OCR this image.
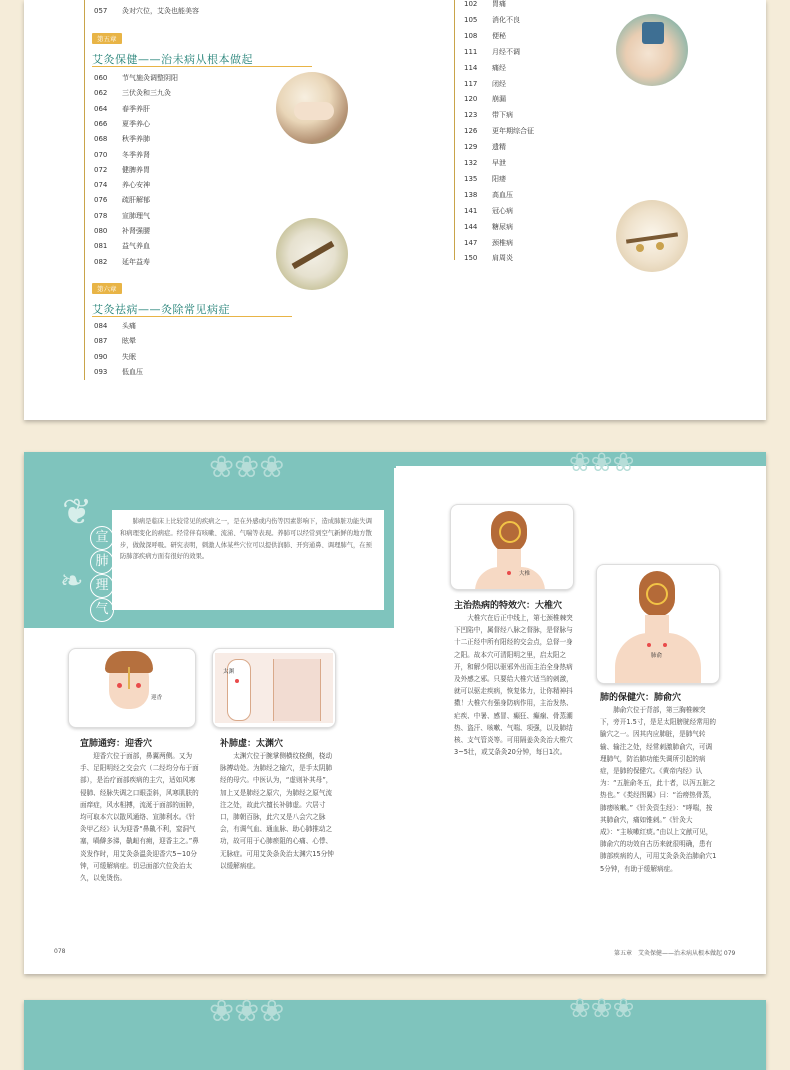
057 灸对穴位，艾灸也能美容
第五章
艾灸保健——治未病从根本做起
第六章
艾灸祛病——灸除常见病症
060 节气施灸调整阴阳
062 三伏灸和三九灸
064 春季养肝
066 夏季养心
068 秋季养肺
070 冬季养肾
072 健脾养胃
074 养心安神
076 疏肝解郁
078 宣肺理气
080 补肾强腰
081 益气养血
082 延年益寿
084 头痛
087 眩晕
090 失眠
093 低血压
102 胃痛
105 消化不良
108 便秘
111 月经不调
114 痛经
117 闭经
120 崩漏
123 带下病
126 更年期综合征
129 遗精
132 早泄
135 阳痿
138 高血压
141 冠心病
144 糖尿病
147 颈椎病
150 肩周炎
❀❀❀	❀❀❀
❦
❧
肺病是临床上比较常见的疾病之一，是在外感或内伤等因素影响下，造成肺脏功能失调和病理变化的病症。经常伴有咳嗽、流涕、气喘等表现。养肺可以经常到空气新鲜的地方散步，做做深呼吸。研究表明，刺激人体某些穴位可以提供润肺、开窍通鼻、调理肺气，在预防肺部疾病方面有很好的效果。
迎香
太渊
大椎
肺俞
宣肺通窍：迎香穴
迎香穴位于面部，鼻翼两侧。又为手、足阳明经之交会穴（二经均分布于面部），是治疗面部疾病的主穴，适如风寒侵肺、经脉失调之口眼歪斜，风寒肌肤的面痒症，风水相搏，流涎于面部的面肿，均可取本穴以散风通络、宣肺利水。《针灸甲乙经》认为迎香“鼻鼽不利，窒洞气塞，喎僻多涕，鼽衄有痈，迎香主之。”鼻炎发作时，用艾灸条温灸迎香穴5~10分钟，可缓解病症。切忌面部穴位灸治太久，以免烫伤。
补肺虚：太渊穴
太渊穴位于腕掌侧横纹桡侧，桡动脉搏动处。为肺经之输穴，是手太阴肺经的母穴。中医认为，“虚则补其母”，加上又是肺经之原穴，为肺经之原气流注之处，故此穴擅长补肺虚。穴居寸口，肺朝百脉，此穴又是八会穴之脉会，有调气血、通血脉、助心肺推动之功，故可用于心肺瘀阻的心痛、心悸、无脉症。可用艾灸条灸治太渊穴15分钟以缓解病症。
主治热病的特效穴：大椎穴
大椎穴在后正中线上，第七颈椎棘突下凹陷中，属督经八脉之督脉，是督脉与十二正经中所有阳经的交会点，总督一身之阳。故本穴可清阳明之里，启太阳之开，和解少阳以驱邪外出而主治全身热病及外感之邪。只要给大椎穴适当的刺激，就可以驱走疾病，恢复体力，让你精神抖擞！大椎穴有强身防病作用，主治发热、疟疾、中暑、感冒、癫狂、癫痫、骨蒸潮热、盗汗、咳嗽、气喘、项强，以及肺结核、支气管炎等。可用隔姜灸灸治大椎穴3~5壮，或艾条灸20分钟，每日1次。
肺的保健穴：肺俞穴
肺俞穴位于背部，第三胸椎棘突下，旁开1.5寸，是足太阳膀胱经常用的腧穴之一。因其内应肺脏，是肺气转输、输注之处，经常刺激肺俞穴，可调理肺气，防治肺功能失调所引起的病症，是肺的保健穴。《黄帝内经》认为：“五脏俞冬五，此十者，以泻五脏之热也。”《类经图翼》曰：“治痨热骨蒸，肺痿咳嗽。”《针灸资生经》：“哮喘，按其肺俞穴，痛如锥刺。”《针灸大成》：“主咳嗽红痰。”由以上文献可见，肺俞穴的功效自古历来就很明确，患有肺部疾病的人，可用艾灸条灸治肺俞穴15分钟，有助于缓解病症。
078	第五章　艾灸保健——治未病从根本做起 079
宣
肺
理
气
❀❀❀	❀❀❀
